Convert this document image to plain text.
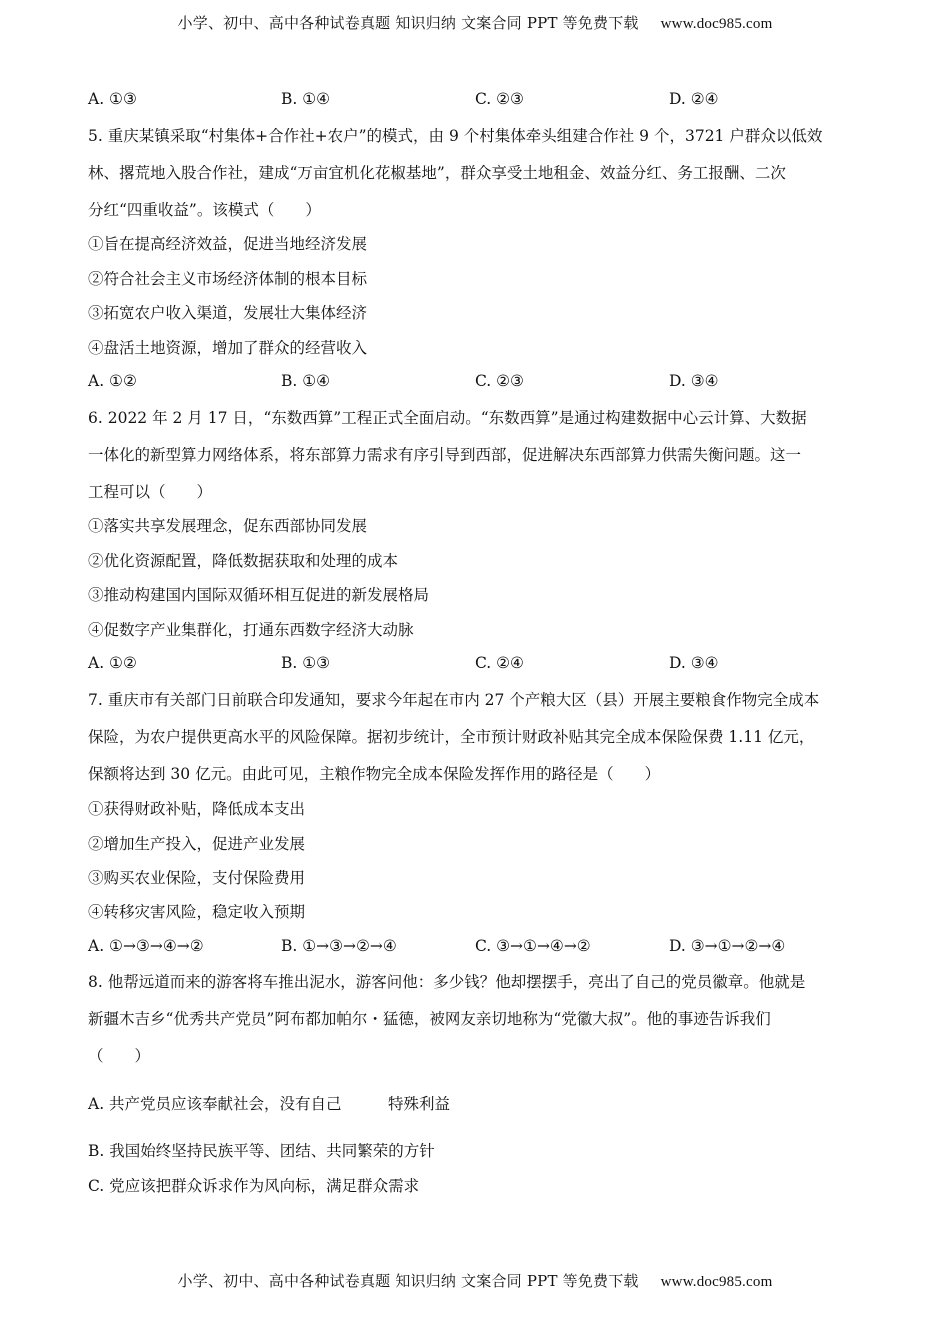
小学、初中、高中各种试卷真题 知识归纳 文案合同 PPT 等免费下载 www.doc985.com
A. ①③	B. ①④	C. ②③	D. ②④
5. 重庆某镇采取“村集体+合作社+农户”的模式，由 9 个村集体牵头组建合作社 9 个，3721 户群众以低效
林、撂荒地入股合作社，建成“万亩宜机化花椒基地”，群众享受土地租金、效益分红、务工报酬、二次
分红“四重收益”。该模式（　　）
①旨在提高经济效益，促进当地经济发展
②符合社会主义市场经济体制的根本目标
③拓宽农户收入渠道，发展壮大集体经济
④盘活土地资源，增加了群众的经营收入
A. ①②	B. ①④	C. ②③	D. ③④
6. 2022 年 2 月 17 日，“东数西算”工程正式全面启动。“东数西算”是通过构建数据中心云计算、大数据
一体化的新型算力网络体系，将东部算力需求有序引导到西部，促进解决东西部算力供需失衡问题。这一
工程可以（　　）
①落实共享发展理念，促东西部协同发展
②优化资源配置，降低数据获取和处理的成本
③推动构建国内国际双循环相互促进的新发展格局
④促数字产业集群化，打通东西数字经济大动脉
A. ①②	B. ①③	C. ②④	D. ③④
7. 重庆市有关部门日前联合印发通知，要求今年起在市内 27 个产粮大区（县）开展主要粮食作物完全成本
保险，为农户提供更高水平的风险保障。据初步统计，全市预计财政补贴其完全成本保险保费 1.11 亿元，
保额将达到 30 亿元。由此可见，主粮作物完全成本保险发挥作用的路径是（　　）
①获得财政补贴，降低成本支出
②增加生产投入，促进产业发展
③购买农业保险，支付保险费用
④转移灾害风险，稳定收入预期
A. ①→③→④→②	B. ①→③→②→④	C. ③→①→④→②	D. ③→①→②→④
8. 他帮远道而来的游客将车推出泥水，游客问他：多少钱？他却摆摆手，亮出了自己的党员徽章。他就是
新疆木吉乡“优秀共产党员”阿布都加帕尔・猛德，被网友亲切地称为“党徽大叔”。他的事迹告诉我们
（　　）
A. 共产党员应该奉献社会，没有自己　　　特殊利益
B. 我国始终坚持民族平等、团结、共同繁荣的方针
C. 党应该把群众诉求作为风向标，满足群众需求
小学、初中、高中各种试卷真题 知识归纳 文案合同 PPT 等免费下载 www.doc985.com
